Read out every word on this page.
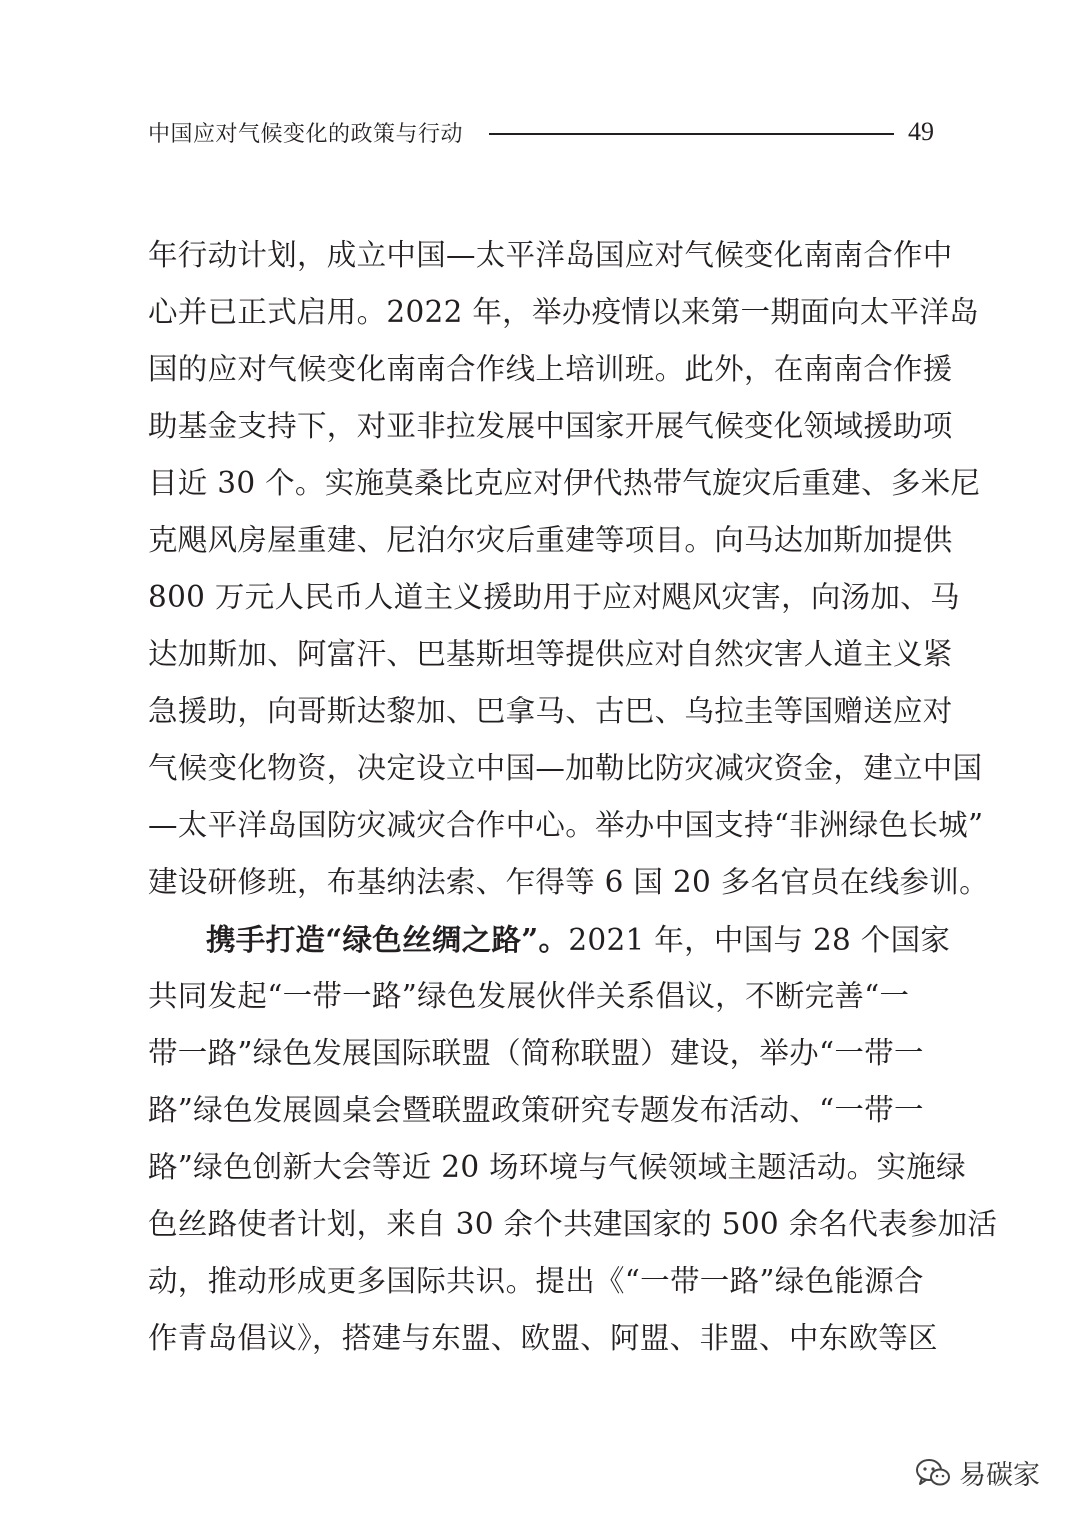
中国应对气候变化的政策与行动	49
年行动计划，成立中国—太平洋岛国应对气候变化南南合作中
心并已正式启用。2022 年，举办疫情以来第一期面向太平洋岛
国的应对气候变化南南合作线上培训班。此外，在南南合作援
助基金支持下，对亚非拉发展中国家开展气候变化领域援助项
目近 30 个。实施莫桑比克应对伊代热带气旋灾后重建、多米尼
克飓风房屋重建、尼泊尔灾后重建等项目。向马达加斯加提供
800 万元人民币人道主义援助用于应对飓风灾害，向汤加、马
达加斯加、阿富汗、巴基斯坦等提供应对自然灾害人道主义紧
急援助，向哥斯达黎加、巴拿马、古巴、乌拉圭等国赠送应对
气候变化物资，决定设立中国—加勒比防灾减灾资金，建立中国
—太平洋岛国防灾减灾合作中心。举办中国支持“非洲绿色长城”
建设研修班，布基纳法索、乍得等 6 国 20 多名官员在线参训。
携手打造“绿色丝绸之路”。2021 年，中国与 28 个国家
共同发起“一带一路”绿色发展伙伴关系倡议，不断完善“一
带一路”绿色发展国际联盟（简称联盟）建设，举办“一带一
路”绿色发展圆桌会暨联盟政策研究专题发布活动、“一带一
路”绿色创新大会等近 20 场环境与气候领域主题活动。实施绿
色丝路使者计划，来自 30 余个共建国家的 500 余名代表参加活
动，推动形成更多国际共识。提出《“一带一路”绿色能源合
作青岛倡议》，搭建与东盟、欧盟、阿盟、非盟、中东欧等区
易碳家
